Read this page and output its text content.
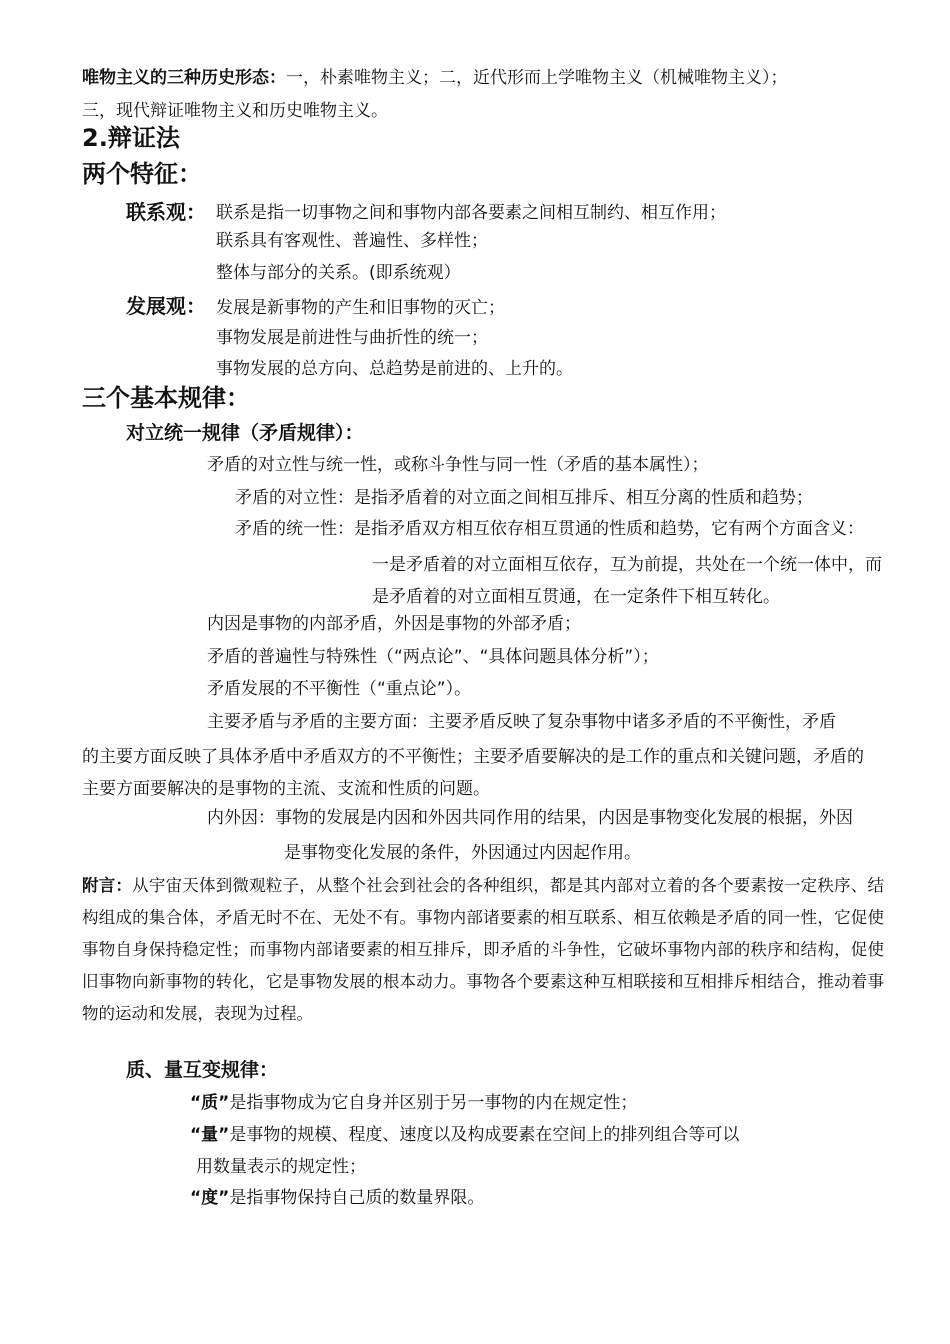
唯物主义的三种历史形态：一，朴素唯物主义；二，近代形而上学唯物主义（机械唯物主义）；
三，现代辩证唯物主义和历史唯物主义。
2.辩证法
两个特征：
联系观： 联系是指一切事物之间和事物内部各要素之间相互制约、相互作用；
联系具有客观性、普遍性、多样性；
整体与部分的关系。(即系统观）
发展观： 发展是新事物的产生和旧事物的灭亡；
事物发展是前进性与曲折性的统一；
事物发展的总方向、总趋势是前进的、上升的。
三个基本规律：
对立统一规律（矛盾规律）：
矛盾的对立性与统一性，或称斗争性与同一性（矛盾的基本属性）；
矛盾的对立性：是指矛盾着的对立面之间相互排斥、相互分离的性质和趋势；
矛盾的统一性：是指矛盾双方相互依存相互贯通的性质和趋势，它有两个方面含义：
一是矛盾着的对立面相互依存，互为前提，共处在一个统一体中，而
是矛盾着的对立面相互贯通，在一定条件下相互转化。
内因是事物的内部矛盾，外因是事物的外部矛盾；
矛盾的普遍性与特殊性（“两点论”、“具体问题具体分析”）；
矛盾发展的不平衡性（“重点论”）。
主要矛盾与矛盾的主要方面：主要矛盾反映了复杂事物中诸多矛盾的不平衡性，矛盾
的主要方面反映了具体矛盾中矛盾双方的不平衡性；主要矛盾要解决的是工作的重点和关键问题，矛盾的
主要方面要解决的是事物的主流、支流和性质的问题。
内外因：事物的发展是内因和外因共同作用的结果，内因是事物变化发展的根据，外因
是事物变化发展的条件，外因通过内因起作用。
附言：从宇宙天体到微观粒子，从整个社会到社会的各种组织，都是其内部对立着的各个要素按一定秩序、结构组成的集合体，矛盾无时不在、无处不有。事物内部诸要素的相互联系、相互依赖是矛盾的同一性，它促使事物自身保持稳定性；而事物内部诸要素的相互排斥，即矛盾的斗争性，它破坏事物内部的秩序和结构，促使旧事物向新事物的转化，它是事物发展的根本动力。事物各个要素这种互相联接和互相排斥相结合，推动着事物的运动和发展，表现为过程。
质、量互变规律：
“质”是指事物成为它自身并区别于另一事物的内在规定性；
“量”是事物的规模、程度、速度以及构成要素在空间上的排列组合等可以
用数量表示的规定性；
“度”是指事物保持自己质的数量界限。
